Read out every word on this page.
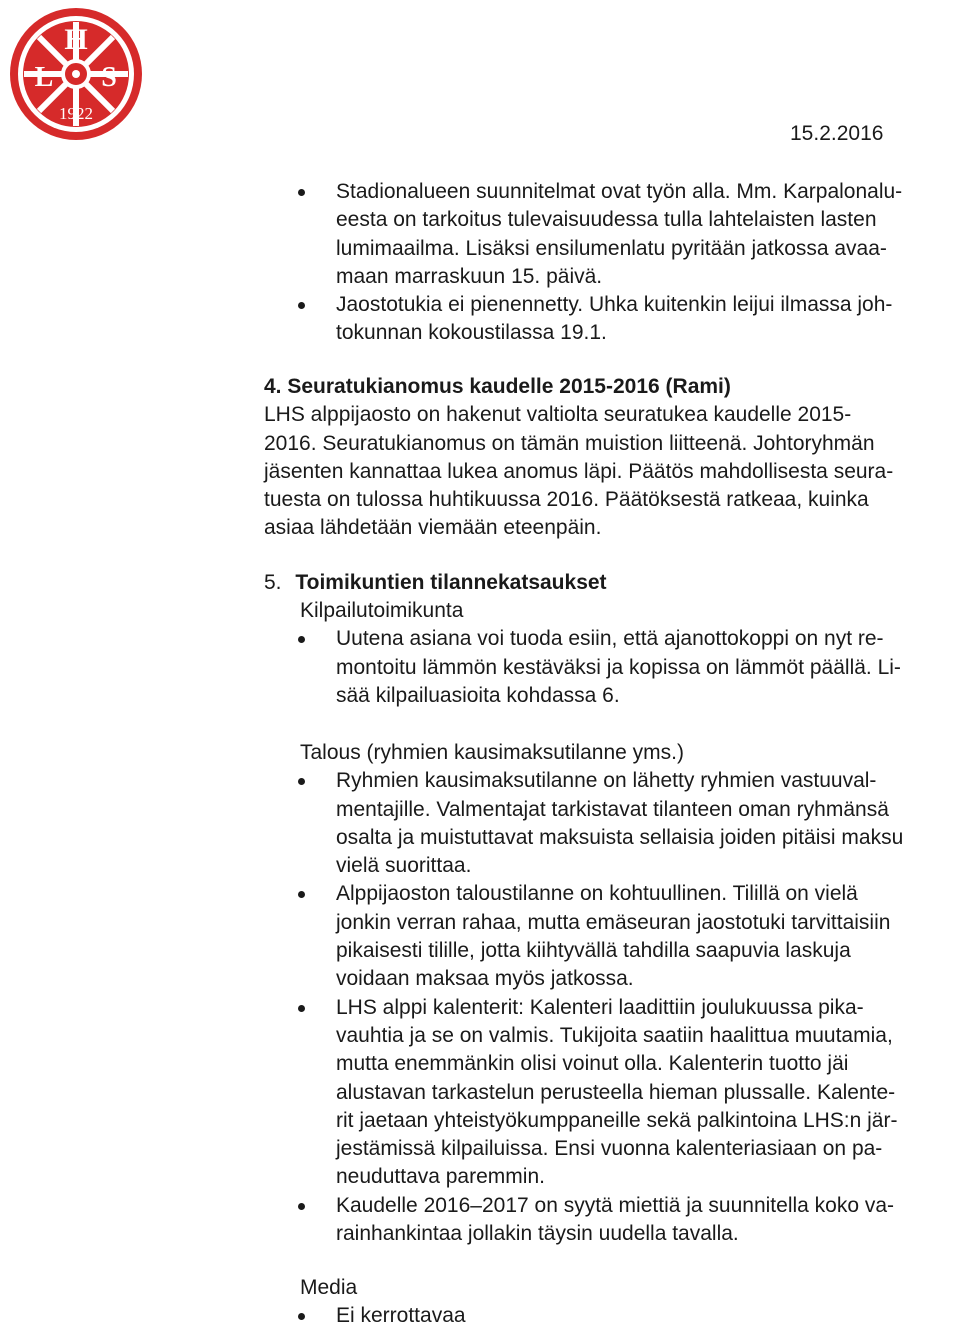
H
L S
1922
15.2.2016
Stadionalueen suunnitelmat ovat työn alla. Mm. Karpalonalu-
eesta on tarkoitus tulevaisuudessa tulla lahtelaisten lasten
lumimaailma. Lisäksi ensilumenlatu pyritään jatkossa avaa-
maan marraskuun 15. päivä.
Jaostotukia ei pienennetty. Uhka kuitenkin leijui ilmassa joh-
tokunnan kokoustilassa 19.1.
4. Seuratukianomus kaudelle 2015-2016 (Rami)
LHS alppijaosto on hakenut valtiolta seuratukea kaudelle 2015-
2016. Seuratukianomus on tämän muistion liitteenä. Johtoryhmän
jäsenten kannattaa lukea anomus läpi. Päätös mahdollisesta seura-
tuesta on tulossa huhtikuussa 2016. Päätöksestä ratkeaa, kuinka
asiaa lähdetään viemään eteenpäin.
5. Toimikuntien tilannekatsaukset
Kilpailutoimikunta
Uutena asiana voi tuoda esiin, että ajanottokoppi on nyt re-
montoitu lämmön kestäväksi ja kopissa on lämmöt päällä. Li-
sää kilpailuasioita kohdassa 6.
Talous (ryhmien kausimaksutilanne yms.)
Ryhmien kausimaksutilanne on lähetty ryhmien vastuuval-
mentajille. Valmentajat tarkistavat tilanteen oman ryhmänsä
osalta ja muistuttavat maksuista sellaisia joiden pitäisi maksu
vielä suorittaa.
Alppijaoston taloustilanne on kohtuullinen. Tilillä on vielä
jonkin verran rahaa, mutta emäseuran jaostotuki tarvittaisiin
pikaisesti tilille, jotta kiihtyvällä tahdilla saapuvia laskuja
voidaan maksaa myös jatkossa.
LHS alppi kalenterit: Kalenteri laadittiin joulukuussa pika-
vauhtia ja se on valmis. Tukijoita saatiin haalittua muutamia,
mutta enemmänkin olisi voinut olla. Kalenterin tuotto jäi
alustavan tarkastelun perusteella hieman plussalle. Kalente-
rit jaetaan yhteistyökumppaneille sekä palkintoina LHS:n jär-
jestämissä kilpailuissa. Ensi vuonna kalenteriasiaan on pa-
neuduttava paremmin.
Kaudelle 2016–2017 on syytä miettiä ja suunnitella koko va-
rainhankintaa jollakin täysin uudella tavalla.
Media
Ei kerrottavaa
